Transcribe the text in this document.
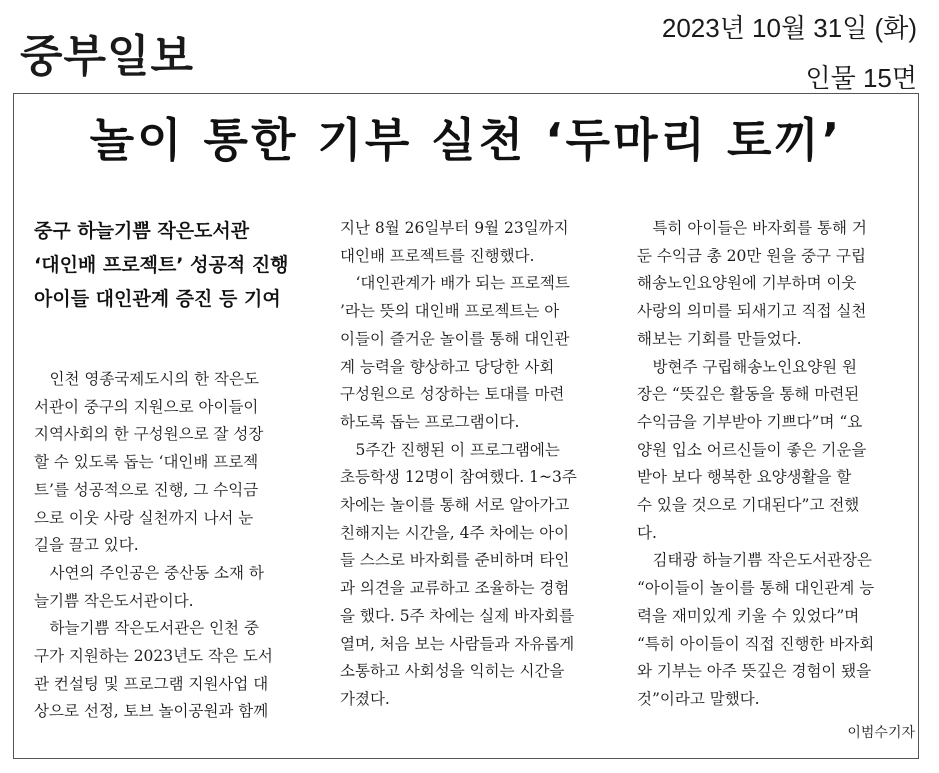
중부일보
2023년 10월 31일 (화)
인물 15면
놀이 통한 기부 실천 ‘두마리 토끼’
중구 하늘기쁨 작은도서관
‘대인배 프로젝트’ 성공적 진행
아이들 대인관계 증진 등 기여
　인천 영종국제도시의 한 작은도
서관이 중구의 지원으로 아이들이
지역사회의 한 구성원으로 잘 성장
할 수 있도록 돕는 ‘대인배 프로젝
트’를 성공적으로 진행, 그 수익금
으로 이웃 사랑 실천까지 나서 눈
길을 끌고 있다.
　사연의 주인공은 중산동 소재 하
늘기쁨 작은도서관이다.
　하늘기쁨 작은도서관은 인천 중
구가 지원하는 2023년도 작은 도서
관 컨설팅 및 프로그램 지원사업 대
상으로 선정, 토브 놀이공원과 함께
지난 8월 26일부터 9월 23일까지
대인배 프로젝트를 진행했다.
　‘대인관계가 배가 되는 프로젝트
’라는 뜻의 대인배 프로젝트는 아
이들이 즐거운 놀이를 통해 대인관
계 능력을 향상하고 당당한 사회
구성원으로 성장하는 토대를 마련
하도록 돕는 프로그램이다.
　5주간 진행된 이 프로그램에는
초등학생 12명이 참여했다. 1~3주
차에는 놀이를 통해 서로 알아가고
친해지는 시간을, 4주 차에는 아이
들 스스로 바자회를 준비하며 타인
과 의견을 교류하고 조율하는 경험
을 했다. 5주 차에는 실제 바자회를
열며, 처음 보는 사람들과 자유롭게
소통하고 사회성을 익히는 시간을
가졌다.
　특히 아이들은 바자회를 통해 거
둔 수익금 총 20만 원을 중구 구립
해송노인요양원에 기부하며 이웃
사랑의 의미를 되새기고 직접 실천
해보는 기회를 만들었다.
　방현주 구립해송노인요양원 원
장은 “뜻깊은 활동을 통해 마련된
수익금을 기부받아 기쁘다”며 “요
양원 입소 어르신들이 좋은 기운을
받아 보다 행복한 요양생활을 할
수 있을 것으로 기대된다”고 전했
다.
　김태광 하늘기쁨 작은도서관장은
“아이들이 놀이를 통해 대인관계 능
력을 재미있게 키울 수 있었다”며
“특히 아이들이 직접 진행한 바자회
와 기부는 아주 뜻깊은 경험이 됐을
것”이라고 말했다.
이범수기자
